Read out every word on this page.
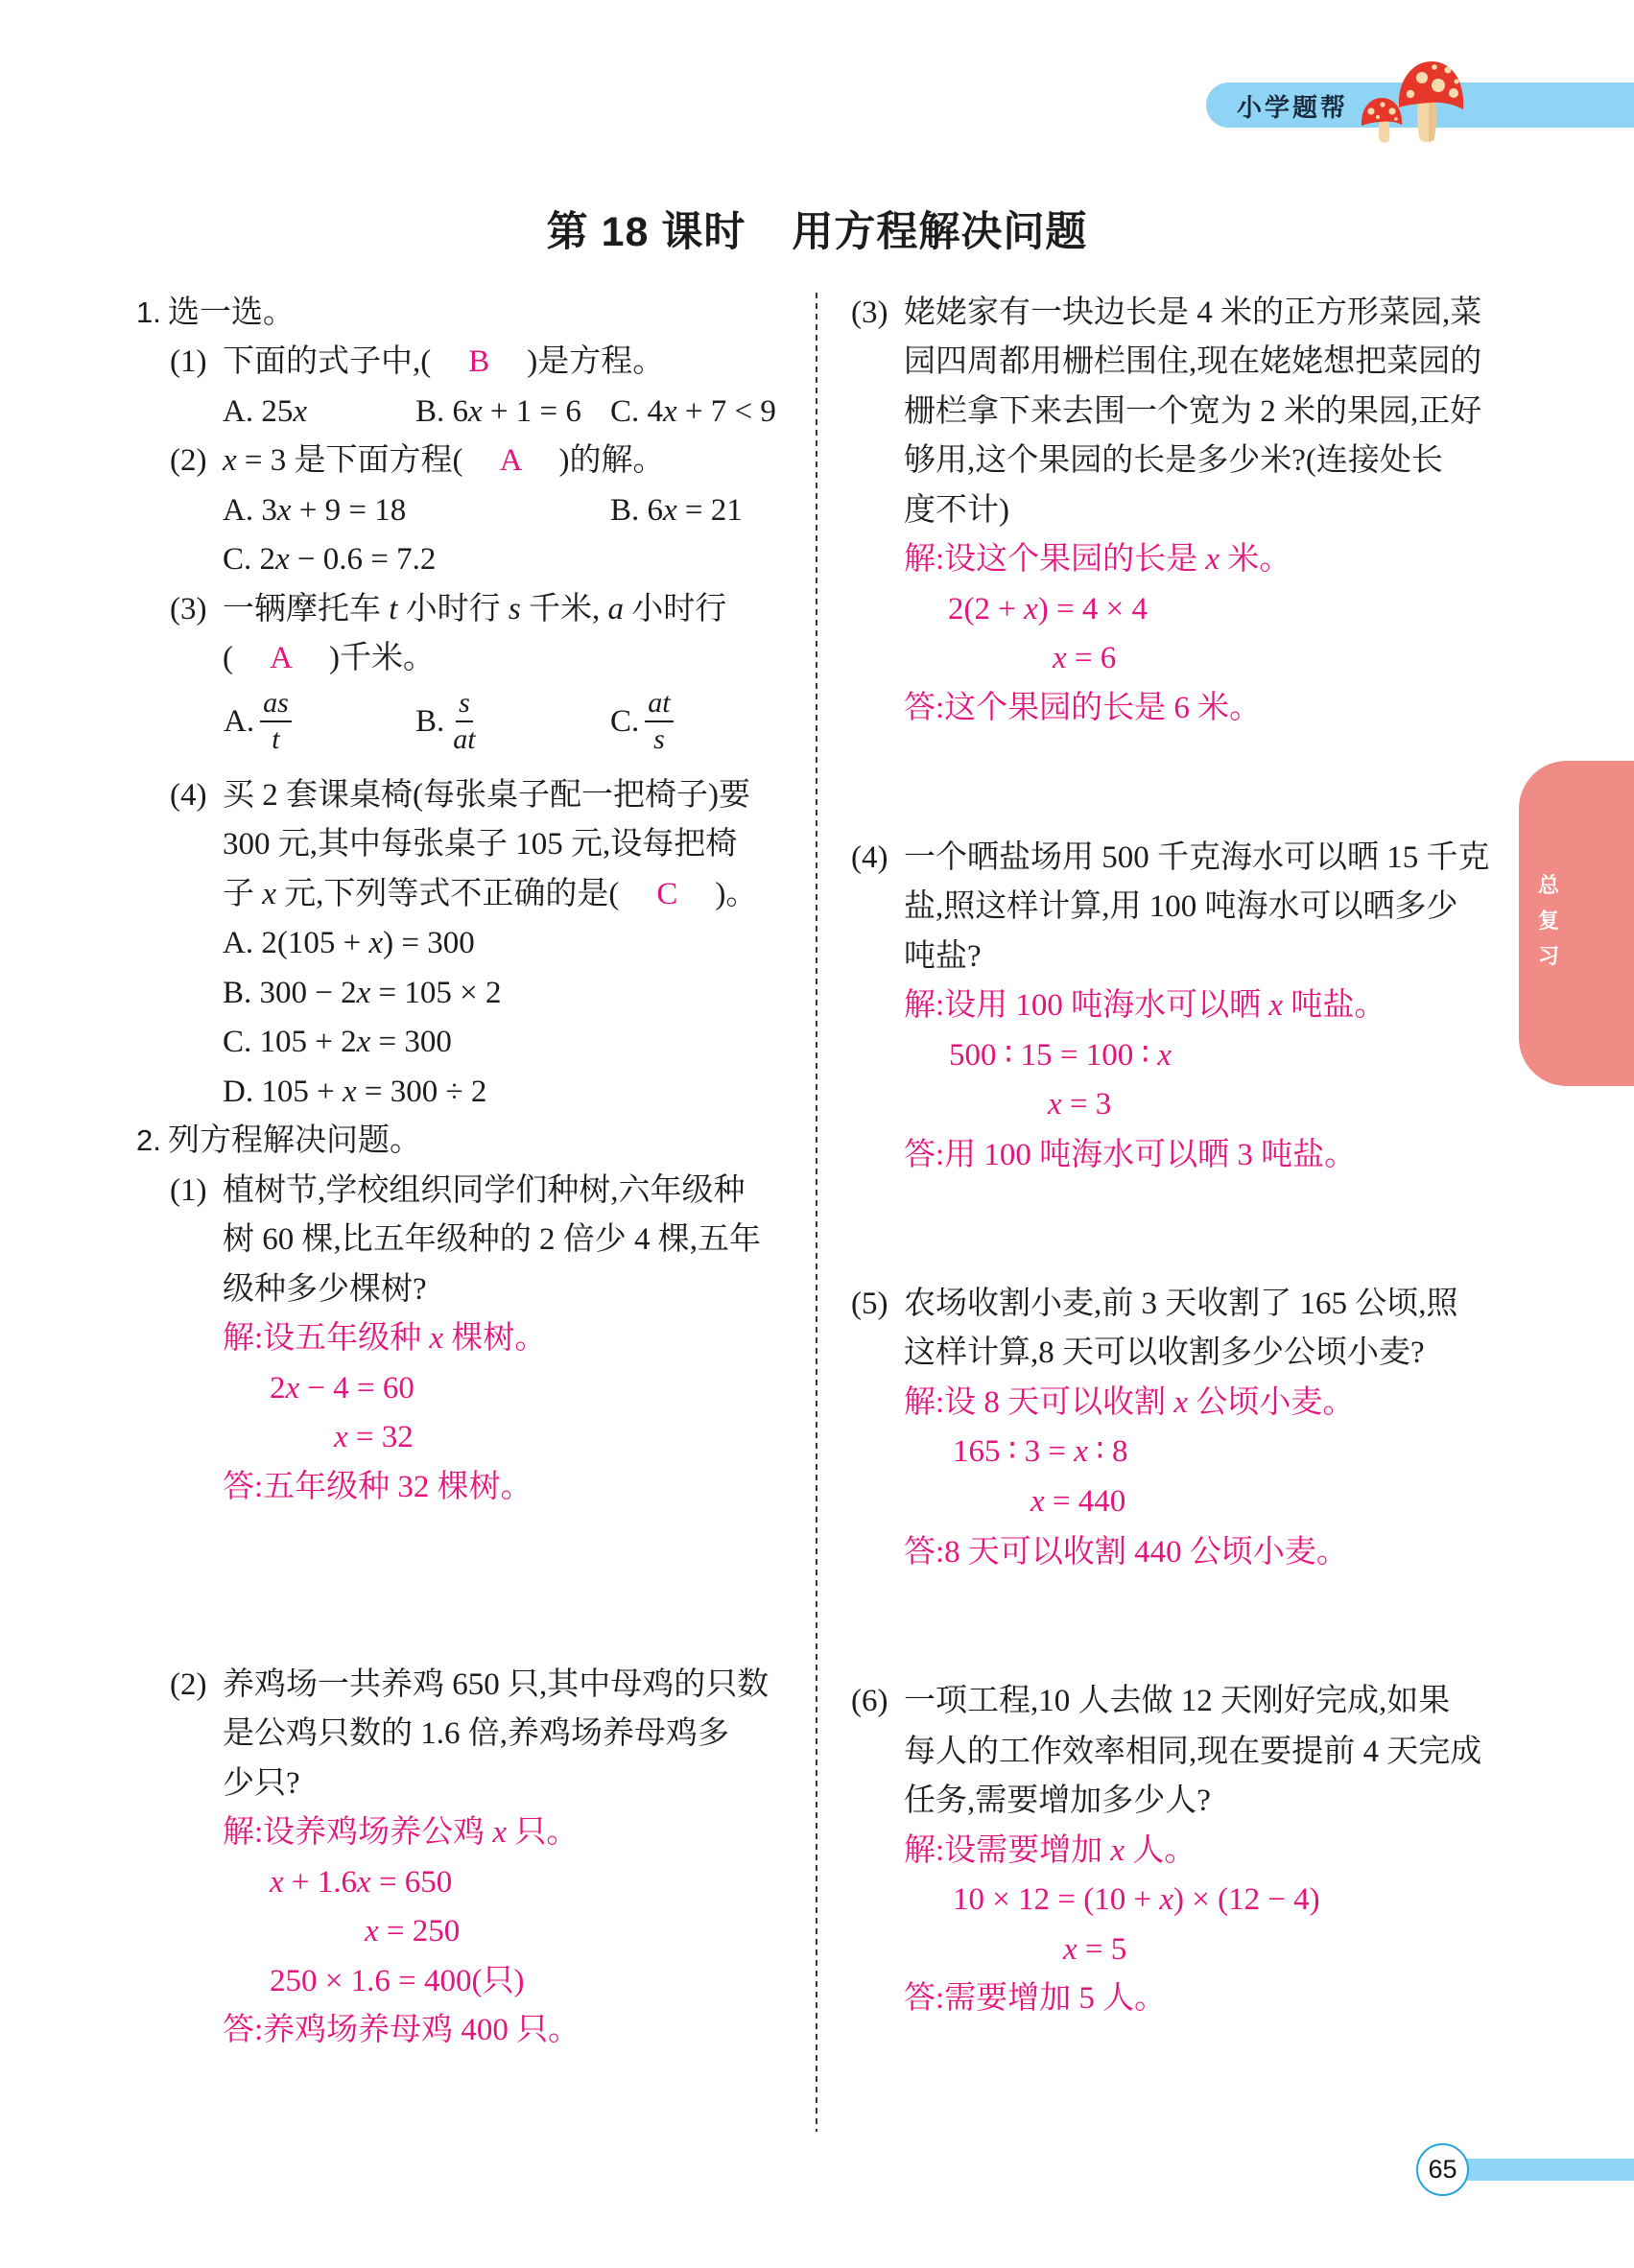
小学题帮
第 18 课时 用方程解决问题
1. 选一选。
(1) 下面的式子中,( B )是方程。
A. 25x	B. 6x + 1 = 6 C. 4x + 7 < 9
(2) x = 3 是下面方程( A )的解。
A. 3x + 9 = 18	B. 6x = 21
C. 2x − 0.6 = 7.2
(3) 一辆摩托车 t 小时行 s 千米, a 小时行
( A )千米。
A. $\frac{as}{t}$	B. $\frac{s}{at}$	C. $\frac{at}{s}$
(4) 买 2 套课桌椅(每张桌子配一把椅子)要
300 元,其中每张桌子 105 元,设每把椅
子 x 元,下列等式不正确的是( C )。
A. 2(105 + x) = 300
B. 300 − 2x = 105 × 2
C. 105 + 2x = 300
D. 105 + x = 300 ÷ 2
2. 列方程解决问题。
(1) 植树节,学校组织同学们种树,六年级种
树 60 棵,比五年级种的 2 倍少 4 棵,五年
级种多少棵树?
解:设五年级种 x 棵树。
2x − 4 = 60
x = 32
答:五年级种 32 棵树。
(2) 养鸡场一共养鸡 650 只,其中母鸡的只数
是公鸡只数的 1.6 倍,养鸡场养母鸡多
少只?
解:设养鸡场养公鸡 x 只。
x + 1.6x = 650
x = 250
250 × 1.6 = 400(只)
答:养鸡场养母鸡 400 只。
(3) 姥姥家有一块边长是 4 米的正方形菜园,菜
园四周都用栅栏围住,现在姥姥想把菜园的
栅栏拿下来去围一个宽为 2 米的果园,正好
够用,这个果园的长是多少米?(连接处长
度不计)
解:设这个果园的长是 x 米。
2(2 + x) = 4 × 4
x = 6
答:这个果园的长是 6 米。
(4) 一个晒盐场用 500 千克海水可以晒 15 千克
盐,照这样计算,用 100 吨海水可以晒多少
吨盐?
解:设用 100 吨海水可以晒 x 吨盐。
500 ∶ 15 = 100 ∶ x
x = 3
答:用 100 吨海水可以晒 3 吨盐。
(5) 农场收割小麦,前 3 天收割了 165 公顷,照
这样计算,8 天可以收割多少公顷小麦?
解:设 8 天可以收割 x 公顷小麦。
165 ∶ 3 = x ∶ 8
x = 440
答:8 天可以收割 440 公顷小麦。
(6) 一项工程,10 人去做 12 天刚好完成,如果
每人的工作效率相同,现在要提前 4 天完成
任务,需要增加多少人?
解:设需要增加 x 人。
10 × 12 = (10 + x) × (12 − 4)
x = 5
答:需要增加 5 人。
总
复
习
65
